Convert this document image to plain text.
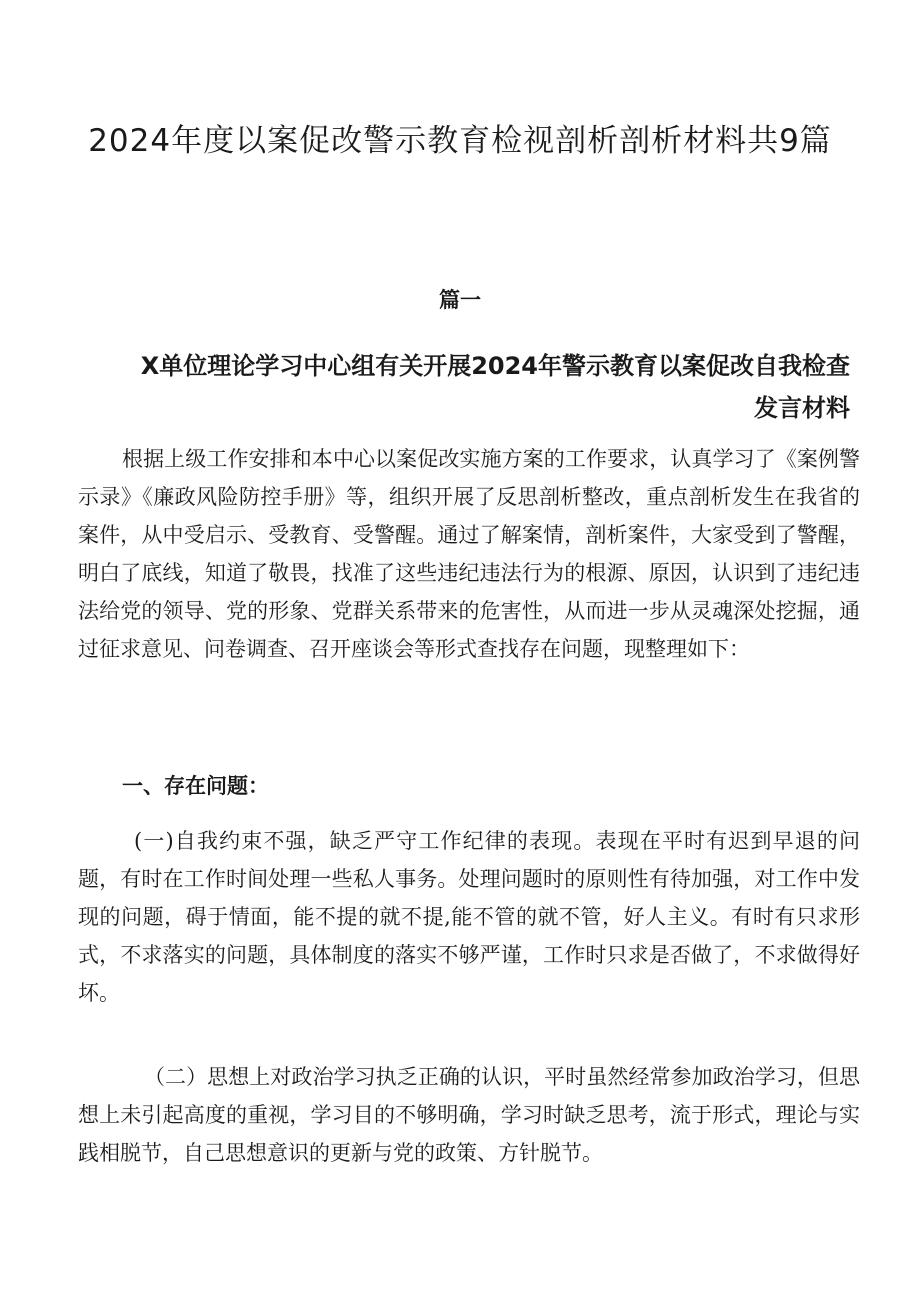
2024年度以案促改警示教育检视剖析剖析材料共9篇
篇一
X单位理论学习中心组有关开展2024年警示教育以案促改自我检查
发言材料

根据上级工作安排和本中心以案促改实施方案的工作要求，认真学习了《案例警示录》《廉政风险防控手册》等，组织开展了反思剖析整改，重点剖析发生在我省的案件，从中受启示、受教育、受警醒。通过了解案情，剖析案件，大家受到了警醒，明白了底线，知道了敬畏，找准了这些违纪违法行为的根源、原因，认识到了违纪违法给党的领导、党的形象、党群关系带来的危害性，从而进一步从灵魂深处挖掘，通过征求意见、问卷调查、召开座谈会等形式查找存在问题，现整理如下：

一、存在问题：

(一)自我约束不强，缺乏严守工作纪律的表现。表现在平时有迟到早退的问题，有时在工作时间处理一些私人事务。处理问题时的原则性有待加强，对工作中发现的问题，碍于情面，能不提的就不提,能不管的就不管，好人主义。有时有只求形式，不求落实的问题，具体制度的落实不够严谨，工作时只求是否做了，不求做得好坏。

（二）思想上对政治学习执乏正确的认识，平时虽然经常参加政治学习，但思想上未引起高度的重视，学习目的不够明确，学习时缺乏思考，流于形式，理论与实践相脱节，自己思想意识的更新与党的政策、方针脱节。
